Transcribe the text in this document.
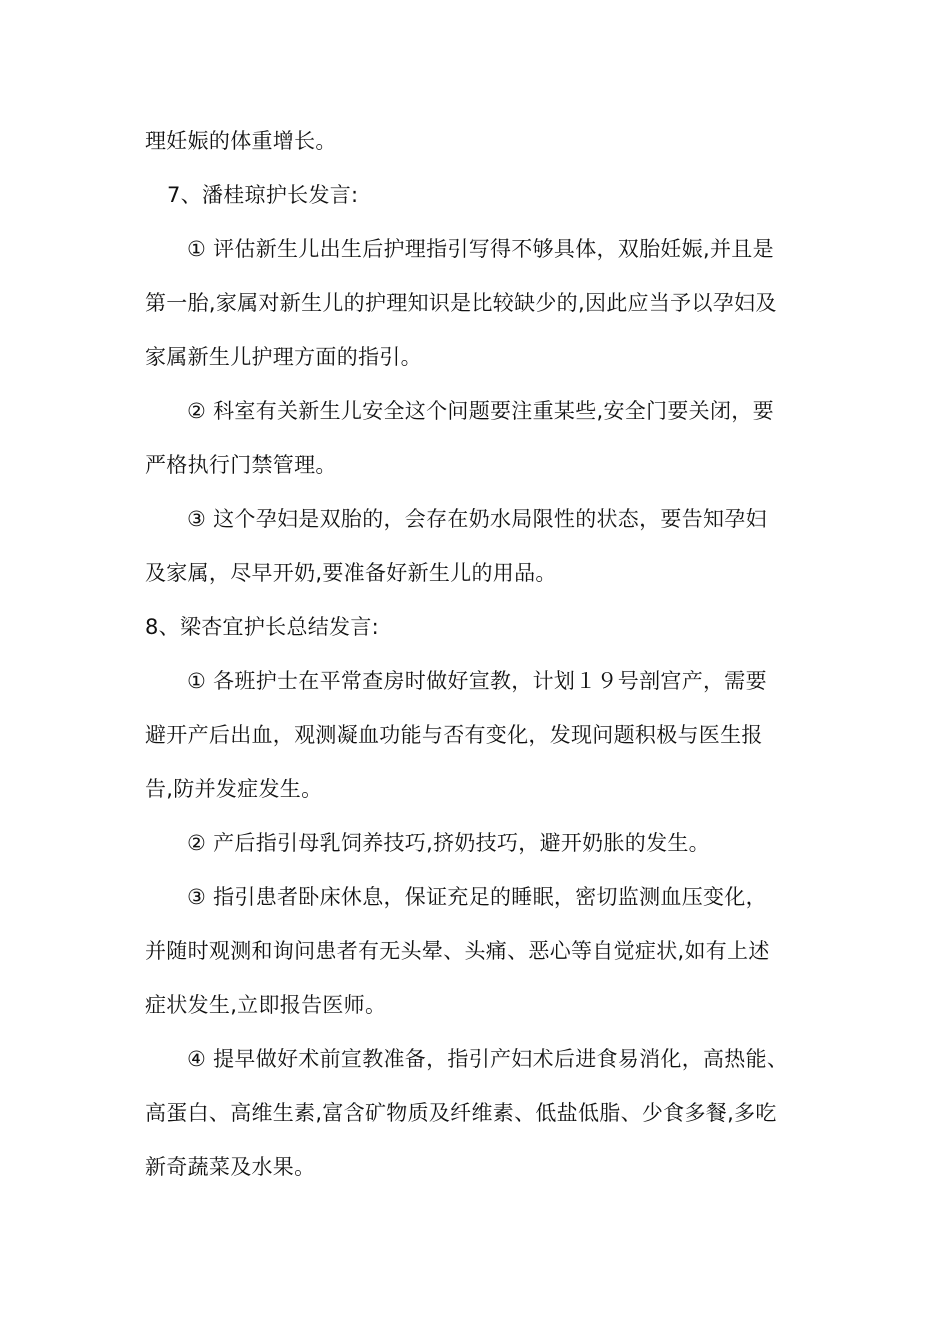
理妊娠的体重增长。
7、潘桂琼护长发言:
① 评估新生儿出生后护理指引写得不够具体，双胎妊娠,并且是
第一胎,家属对新生儿的护理知识是比较缺少的,因此应当予以孕妇及
家属新生儿护理方面的指引。
② 科室有关新生儿安全这个问题要注重某些,安全门要关闭，要
严格执行门禁管理。
③ 这个孕妇是双胎的，会存在奶水局限性的状态，要告知孕妇
及家属，尽早开奶,要准备好新生儿的用品。
8、梁杏宜护长总结发言:
① 各班护士在平常查房时做好宣教，计划１９号剖宫产，需要
避开产后出血，观测凝血功能与否有变化，发现问题积极与医生报
告,防并发症发生。
② 产后指引母乳饲养技巧,挤奶技巧，避开奶胀的发生。
③ 指引患者卧床休息，保证充足的睡眠，密切监测血压变化，
并随时观测和询问患者有无头晕、头痛、恶心等自觉症状,如有上述
症状发生,立即报告医师。
④ 提早做好术前宣教准备，指引产妇术后进食易消化，高热能、
高蛋白、高维生素,富含矿物质及纤维素、低盐低脂、少食多餐,多吃
新奇蔬菜及水果。
